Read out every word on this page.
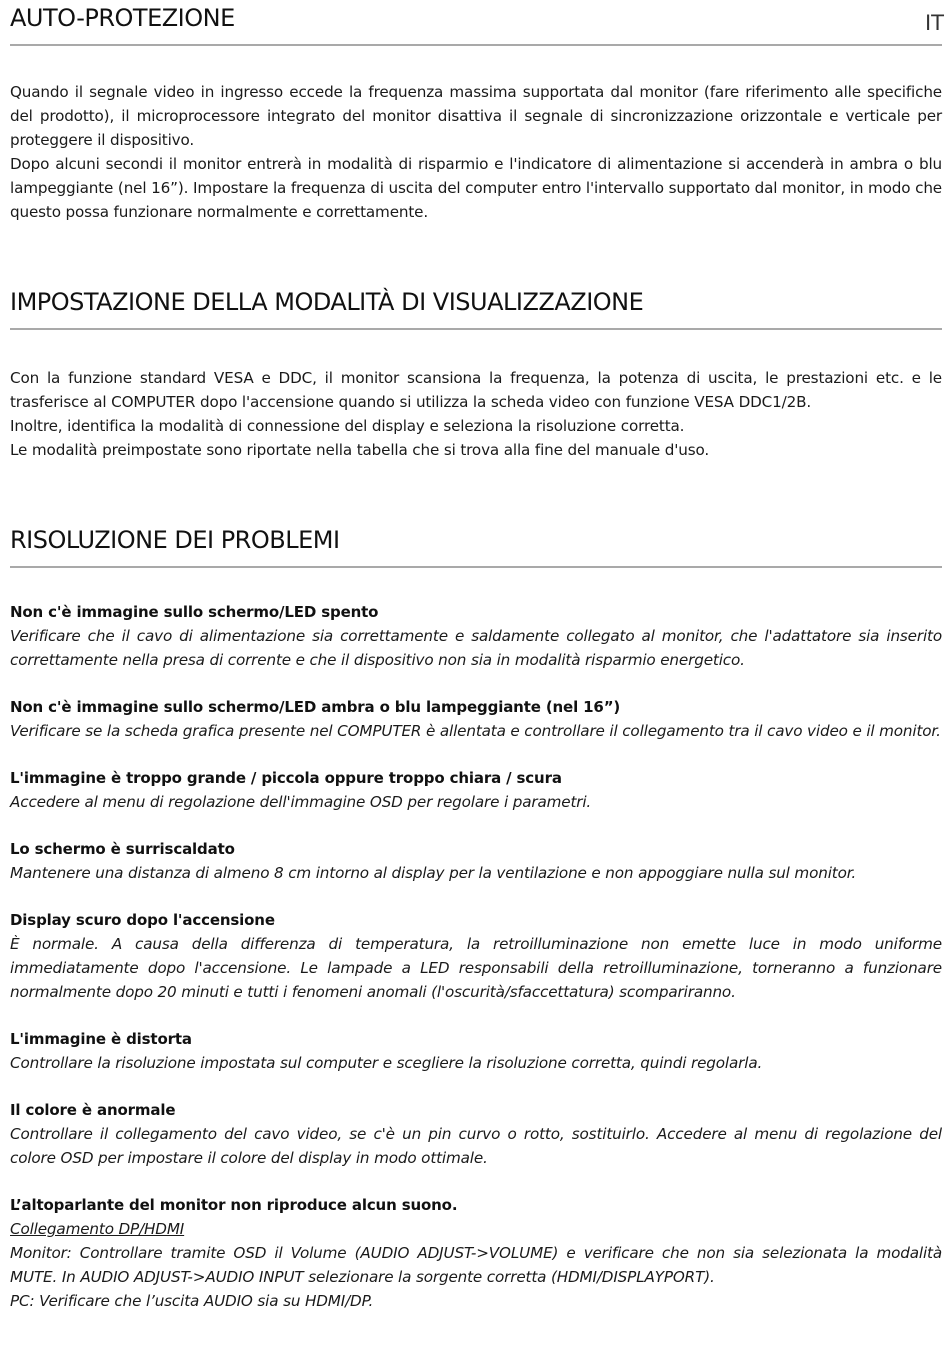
AUTO-PROTEZIONE	IT

Quando il segnale video in ingresso eccede la frequenza massima supportata dal monitor (fare riferimento alle specifiche del prodotto), il microprocessore integrato del monitor disattiva il segnale di sincronizzazione orizzontale e verticale per proteggere il dispositivo.

Dopo alcuni secondi il monitor entrerà in modalità di risparmio e l'indicatore di alimentazione si accenderà in ambra o blu lampeggiante (nel 16”). Impostare la frequenza di uscita del computer entro l'intervallo supportato dal monitor, in modo che questo possa funzionare normalmente e correttamente.

IMPOSTAZIONE DELLA MODALITÀ DI VISUALIZZAZIONE

Con la funzione standard VESA e DDC, il monitor scansiona la frequenza, la potenza di uscita, le prestazioni etc. e le trasferisce al COMPUTER dopo l'accensione quando si utilizza la scheda video con funzione VESA DDC1/2B.

Inoltre, identifica la modalità di connessione del display e seleziona la risoluzione corretta.

Le modalità preimpostate sono riportate nella tabella che si trova alla fine del manuale d'uso.

RISOLUZIONE DEI PROBLEMI

Non c'è immagine sullo schermo/LED spento

Verificare che il cavo di alimentazione sia correttamente e saldamente collegato al monitor, che l'adattatore sia inserito correttamente nella presa di corrente e che il dispositivo non sia in modalità risparmio energetico.

Non c'è immagine sullo schermo/LED ambra o blu lampeggiante (nel 16”)

Verificare se la scheda grafica presente nel COMPUTER è allentata e controllare il collegamento tra il cavo video e il monitor.

L'immagine è troppo grande / piccola oppure troppo chiara / scura

Accedere al menu di regolazione dell'immagine OSD per regolare i parametri.

Lo schermo è surriscaldato

Mantenere una distanza di almeno 8 cm intorno al display per la ventilazione e non appoggiare nulla sul monitor.

Display scuro dopo l'accensione

È normale. A causa della differenza di temperatura, la retroilluminazione non emette luce in modo uniforme immediatamente dopo l'accensione. Le lampade a LED responsabili della retroilluminazione, torneranno a funzionare normalmente dopo 20 minuti e tutti i fenomeni anomali (l'oscurità/sfaccettatura) scompariranno.

L'immagine è distorta

Controllare la risoluzione impostata sul computer e scegliere la risoluzione corretta, quindi regolarla.

Il colore è anormale

Controllare il collegamento del cavo video, se c'è un pin curvo o rotto, sostituirlo. Accedere al menu di regolazione del colore OSD per impostare il colore del display in modo ottimale.

L’altoparlante del monitor non riproduce alcun suono.

Collegamento DP/HDMI

Monitor: Controllare tramite OSD il Volume (AUDIO ADJUST->VOLUME) e verificare che non sia selezionata la modalità MUTE. In AUDIO ADJUST->AUDIO INPUT selezionare la sorgente corretta (HDMI/DISPLAYPORT).

PC: Verificare che l’uscita AUDIO sia su HDMI/DP.
